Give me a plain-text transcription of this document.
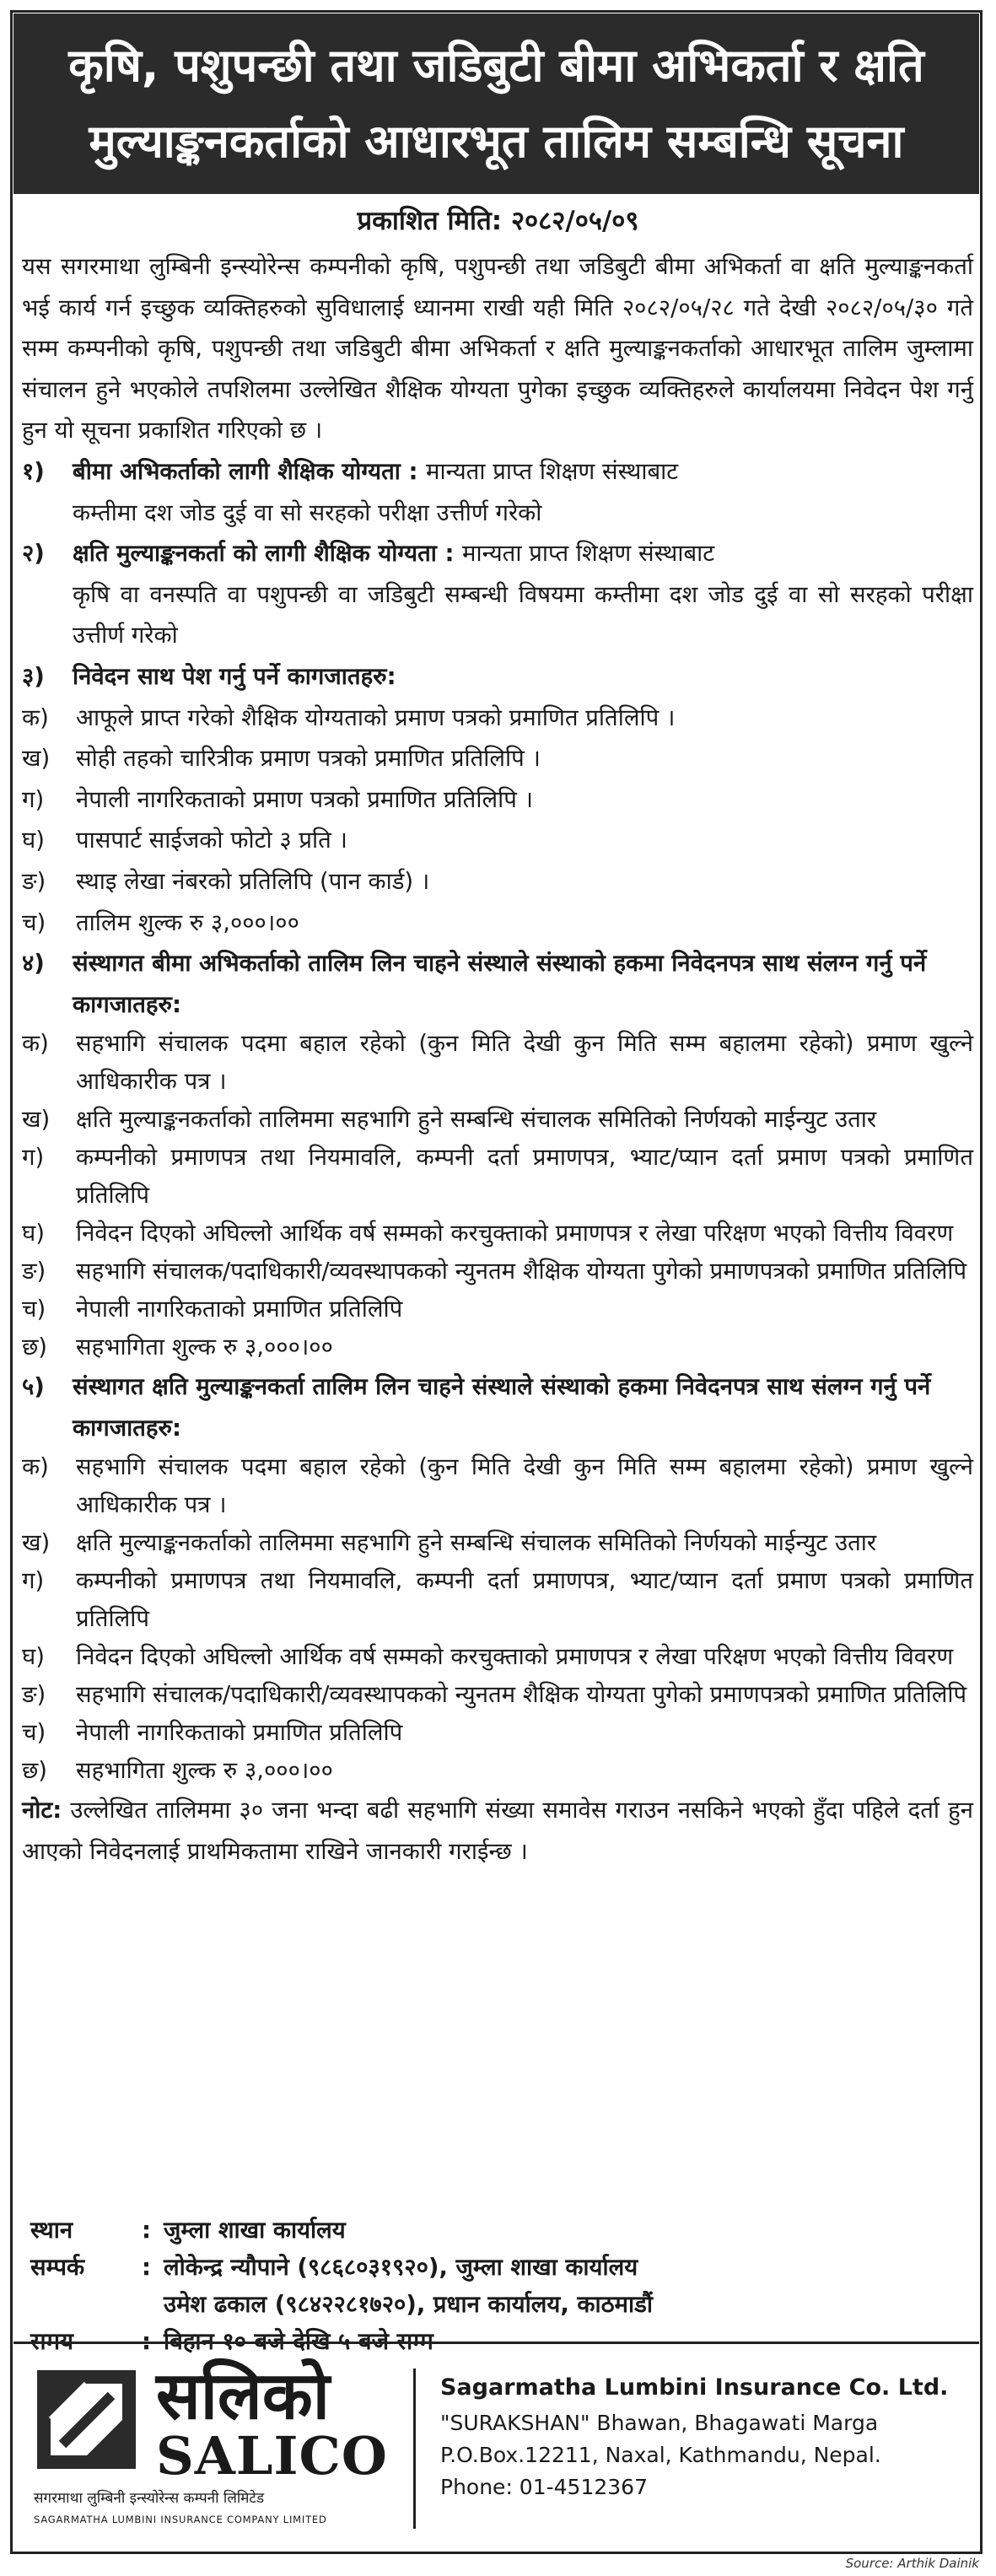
कृषि, पशुपन्छी तथा जडिबुटी बीमा अभिकर्ता र क्षति
मुल्याङ्कनकर्ताको आधारभूत तालिम सम्बन्धि सूचना
प्रकाशित मिति: २०८२/०५/०९

यस सगरमाथा लुम्बिनी इन्स्योरेन्स कम्पनीको कृषि, पशुपन्छी तथा जडिबुटी बीमा अभिकर्ता वा क्षति मुल्याङ्कनकर्ता भई कार्य गर्न इच्छुक व्यक्तिहरुको सुविधालाई ध्यानमा राखी यही मिति २०८२/०५/२८ गते देखी २०८२/०५/३० गते सम्म कम्पनीको कृषि, पशुपन्छी तथा जडिबुटी बीमा अभिकर्ता र क्षति मुल्याङ्कनकर्ताको आधारभूत तालिम जुम्लामा संचालन हुने भएकोले तपशिलमा उल्लेखित शैक्षिक योग्यता पुगेका इच्छुक व्यक्तिहरुले कार्यालयमा निवेदन पेश गर्नु हुन यो सूचना प्रकाशित गरिएको छ ।

१)	बीमा अभिकर्ताको लागी शैक्षिक योग्यता : मान्यता प्राप्त शिक्षण संस्थाबाट
कम्तीमा दश जोड दुई वा सो सरहको परीक्षा उत्तीर्ण गरेको
२)	क्षति मुल्याङ्कनकर्ता को लागी शैक्षिक योग्यता : मान्यता प्राप्त शिक्षण संस्थाबाट
कृषि वा वनस्पति वा पशुपन्छी वा जडिबुटी सम्बन्धी विषयमा कम्तीमा दश जोड दुई वा सो सरहको परीक्षा उत्तीर्ण गरेको
३)	निवेदन साथ पेश गर्नु पर्ने कागजातहरु:
क)	आफूले प्राप्त गरेको शैक्षिक योग्यताको प्रमाण पत्रको प्रमाणित प्रतिलिपि ।
ख)	सोही तहको चारित्रीक प्रमाण पत्रको प्रमाणित प्रतिलिपि ।
ग)	नेपाली नागरिकताको प्रमाण पत्रको प्रमाणित प्रतिलिपि ।
घ)	पासपार्ट साईजको फोटो ३ प्रति ।
ङ)	स्थाइ लेखा नंबरको प्रतिलिपि (पान कार्ड) ।
च)	तालिम शुल्क रु ३,०००।००
४)	संस्थागत बीमा अभिकर्ताको तालिम लिन चाहने संस्थाले संस्थाको हकमा निवेदनपत्र साथ संलग्न गर्नु पर्ने कागजातहरु:
क)	सहभागि संचालक पदमा बहाल रहेको (कुन मिति देखी कुन मिति सम्म बहालमा रहेको) प्रमाण खुल्ने आधिकारीक पत्र ।
ख)	क्षति मुल्याङ्कनकर्ताको तालिममा सहभागि हुने सम्बन्धि संचालक समितिको निर्णयको माईन्युट उतार
ग)	कम्पनीको प्रमाणपत्र तथा नियमावलि, कम्पनी दर्ता प्रमाणपत्र, भ्याट/प्यान दर्ता प्रमाण पत्रको प्रमाणित प्रतिलिपि
घ)	निवेदन दिएको अघिल्लो आर्थिक वर्ष सम्मको करचुक्ताको प्रमाणपत्र र लेखा परिक्षण भएको वित्तीय विवरण
ङ)	सहभागि संचालक/पदाधिकारी/व्यवस्थापकको न्युनतम शैक्षिक योग्यता पुगेको प्रमाणपत्रको प्रमाणित प्रतिलिपि
च)	नेपाली नागरिकताको प्रमाणित प्रतिलिपि
छ)	सहभागिता शुल्क रु ३,०००।००
५)	संस्थागत क्षति मुल्याङ्कनकर्ता तालिम लिन चाहने संस्थाले संस्थाको हकमा निवेदनपत्र साथ संलग्न गर्नु पर्ने कागजातहरु:
क)	सहभागि संचालक पदमा बहाल रहेको (कुन मिति देखी कुन मिति सम्म बहालमा रहेको) प्रमाण खुल्ने आधिकारीक पत्र ।
ख)	क्षति मुल्याङ्कनकर्ताको तालिममा सहभागि हुने सम्बन्धि संचालक समितिको निर्णयको माईन्युट उतार
ग)	कम्पनीको प्रमाणपत्र तथा नियमावलि, कम्पनी दर्ता प्रमाणपत्र, भ्याट/प्यान दर्ता प्रमाण पत्रको प्रमाणित प्रतिलिपि
घ)	निवेदन दिएको अघिल्लो आर्थिक वर्ष सम्मको करचुक्ताको प्रमाणपत्र र लेखा परिक्षण भएको वित्तीय विवरण
ङ)	सहभागि संचालक/पदाधिकारी/व्यवस्थापकको न्युनतम शैक्षिक योग्यता पुगेको प्रमाणपत्रको प्रमाणित प्रतिलिपि
च)	नेपाली नागरिकताको प्रमाणित प्रतिलिपि
छ)	सहभागिता शुल्क रु ३,०००।००
नोट: उल्लेखित तालिममा ३० जना भन्दा बढी सहभागि संख्या समावेस गराउन नसकिने भएको हुँदा पहिले दर्ता हुन आएको निवेदनलाई प्राथमिकतामा राखिने जानकारी गराईन्छ ।
स्थान	: जुम्ला शाखा कार्यालय
सम्पर्क	: लोकेन्द्र न्यौपाने (९८६८०३१९२०), जुम्ला शाखा कार्यालय
उमेश ढकाल (९८४२२८१७२०), प्रधान कार्यालय, काठमाडौं
समय	: बिहान १० बजे देखि ५ बजे सम्म
सलिको
SALICO
सगरमाथा लुम्बिनी इन्स्योरेन्स कम्पनी लिमिटेड
SAGARMATHA LUMBINI INSURANCE COMPANY LIMITED
Sagarmatha Lumbini Insurance Co. Ltd.
"SURAKSHAN" Bhawan, Bhagawati Marga
P.O.Box.12211, Naxal, Kathmandu, Nepal.
Phone: 01-4512367
Source: Arthik Dainik
